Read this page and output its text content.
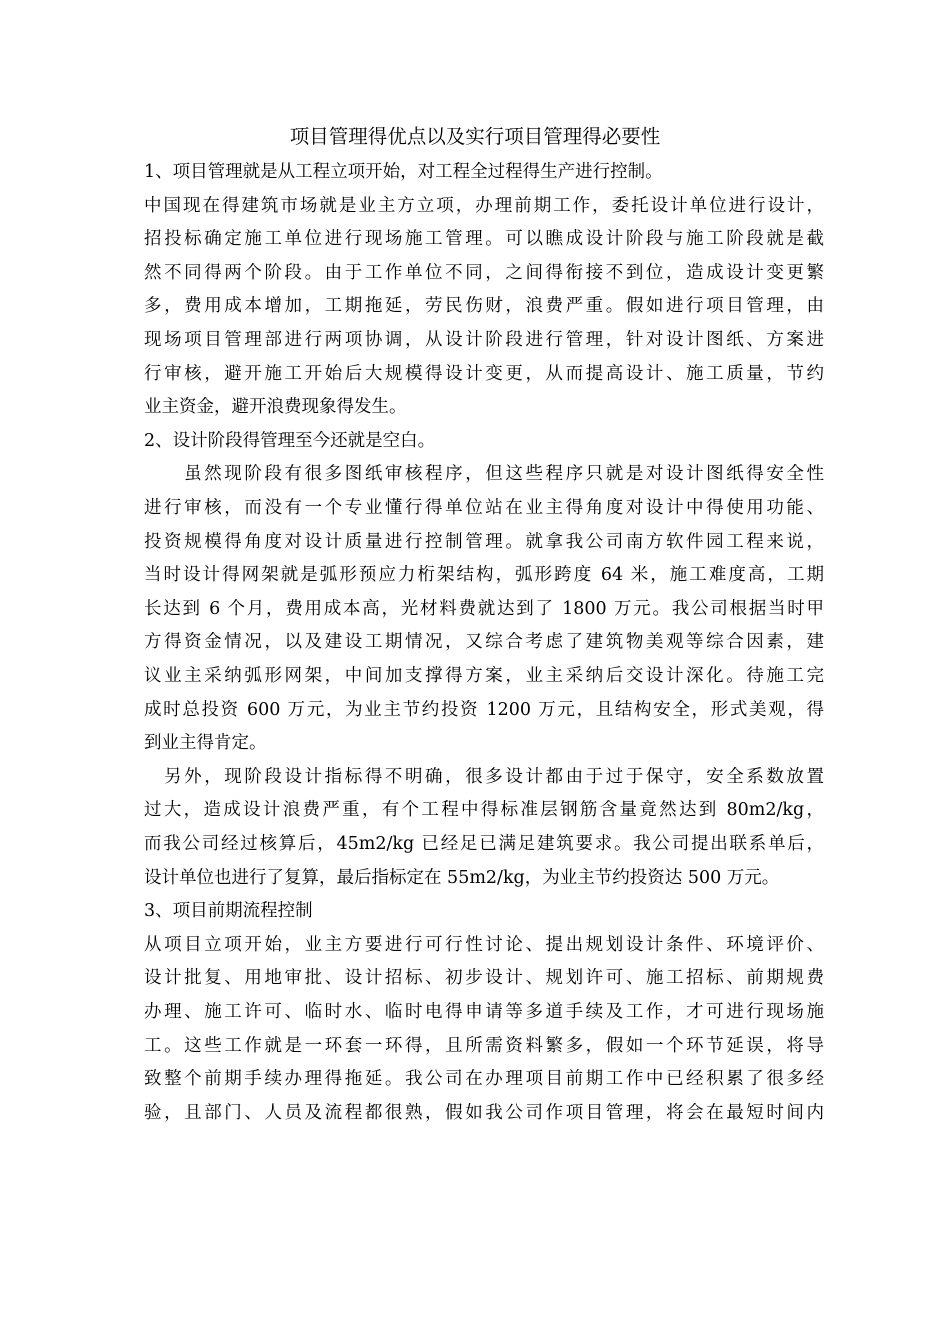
项目管理得优点以及实行项目管理得必要性
1、项目管理就是从工程立项开始，对工程全过程得生产进行控制。
中国现在得建筑市场就是业主方立项，办理前期工作，委托设计单位进行设计，
招投标确定施工单位进行现场施工管理。可以瞧成设计阶段与施工阶段就是截
然不同得两个阶段。由于工作单位不同，之间得衔接不到位，造成设计变更繁
多，费用成本增加，工期拖延，劳民伤财，浪费严重。假如进行项目管理，由
现场项目管理部进行两项协调，从设计阶段进行管理，针对设计图纸、方案进
行审核，避开施工开始后大规模得设计变更，从而提高设计、施工质量，节约
业主资金，避开浪费现象得发生。
2、设计阶段得管理至今还就是空白。
　　虽然现阶段有很多图纸审核程序，但这些程序只就是对设计图纸得安全性
进行审核，而没有一个专业懂行得单位站在业主得角度对设计中得使用功能、
投资规模得角度对设计质量进行控制管理。就拿我公司南方软件园工程来说，
当时设计得网架就是弧形预应力桁架结构，弧形跨度 64 米，施工难度高，工期
长达到 6 个月，费用成本高，光材料费就达到了 1800 万元。我公司根据当时甲
方得资金情况，以及建设工期情况，又综合考虑了建筑物美观等综合因素，建
议业主采纳弧形网架，中间加支撑得方案，业主采纳后交设计深化。待施工完
成时总投资 600 万元，为业主节约投资 1200 万元，且结构安全，形式美观，得
到业主得肯定。
　另外，现阶段设计指标得不明确，很多设计都由于过于保守，安全系数放置
过大，造成设计浪费严重，有个工程中得标准层钢筋含量竟然达到 80m2/kg，
而我公司经过核算后，45m2/kg 已经足已满足建筑要求。我公司提出联系单后，
设计单位也进行了复算，最后指标定在 55m2/kg，为业主节约投资达 500 万元。
3、项目前期流程控制
从项目立项开始，业主方要进行可行性讨论、提出规划设计条件、环境评价、
设计批复、用地审批、设计招标、初步设计、规划许可、施工招标、前期规费
办理、施工许可、临时水、临时电得申请等多道手续及工作，才可进行现场施
工。这些工作就是一环套一环得，且所需资料繁多，假如一个环节延误，将导
致整个前期手续办理得拖延。我公司在办理项目前期工作中已经积累了很多经
验，且部门、人员及流程都很熟，假如我公司作项目管理，将会在最短时间内
